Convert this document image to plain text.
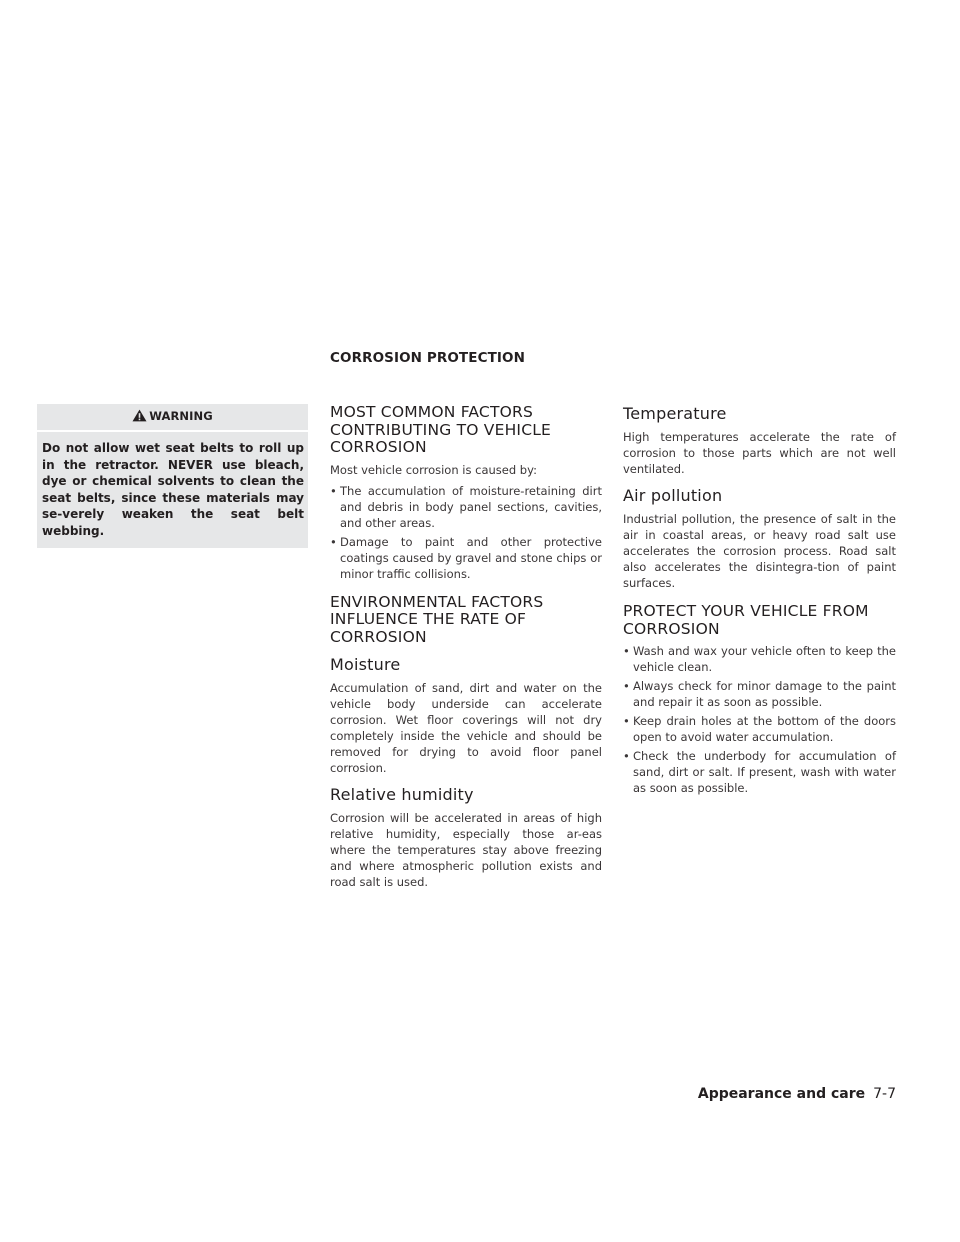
CORROSION PROTECTION
WARNING

Do not allow wet seat belts to roll up in the retractor. NEVER use bleach, dye or chemical solvents to clean the seat belts, since these materials may se-verely weaken the seat belt webbing.

MOST COMMON FACTORS CONTRIBUTING TO VEHICLE CORROSION

Most vehicle corrosion is caused by:

• The accumulation of moisture-retaining dirt and debris in body panel sections, cavities, and other areas.
• Damage to paint and other protective coatings caused by gravel and stone chips or minor traffic collisions.
ENVIRONMENTAL FACTORS INFLUENCE THE RATE OF CORROSION
Moisture

Accumulation of sand, dirt and water on the vehicle body underside can accelerate corrosion. Wet floor coverings will not dry completely inside the vehicle and should be removed for drying to avoid floor panel corrosion.

Relative humidity

Corrosion will be accelerated in areas of high relative humidity, especially those ar-eas where the temperatures stay above freezing and where atmospheric pollution exists and road salt is used.

Temperature

High temperatures accelerate the rate of corrosion to those parts which are not well ventilated.

Air pollution

Industrial pollution, the presence of salt in the air in coastal areas, or heavy road salt use accelerates the corrosion process. Road salt also accelerates the disintegra-tion of paint surfaces.

PROTECT YOUR VEHICLE FROM CORROSION
• Wash and wax your vehicle often to keep the vehicle clean.
• Always check for minor damage to the paint and repair it as soon as possible.
• Keep drain holes at the bottom of the doors open to avoid water accumulation.
• Check the underbody for accumulation of sand, dirt or salt. If present, wash with water as soon as possible.
Appearance and care 7-7
